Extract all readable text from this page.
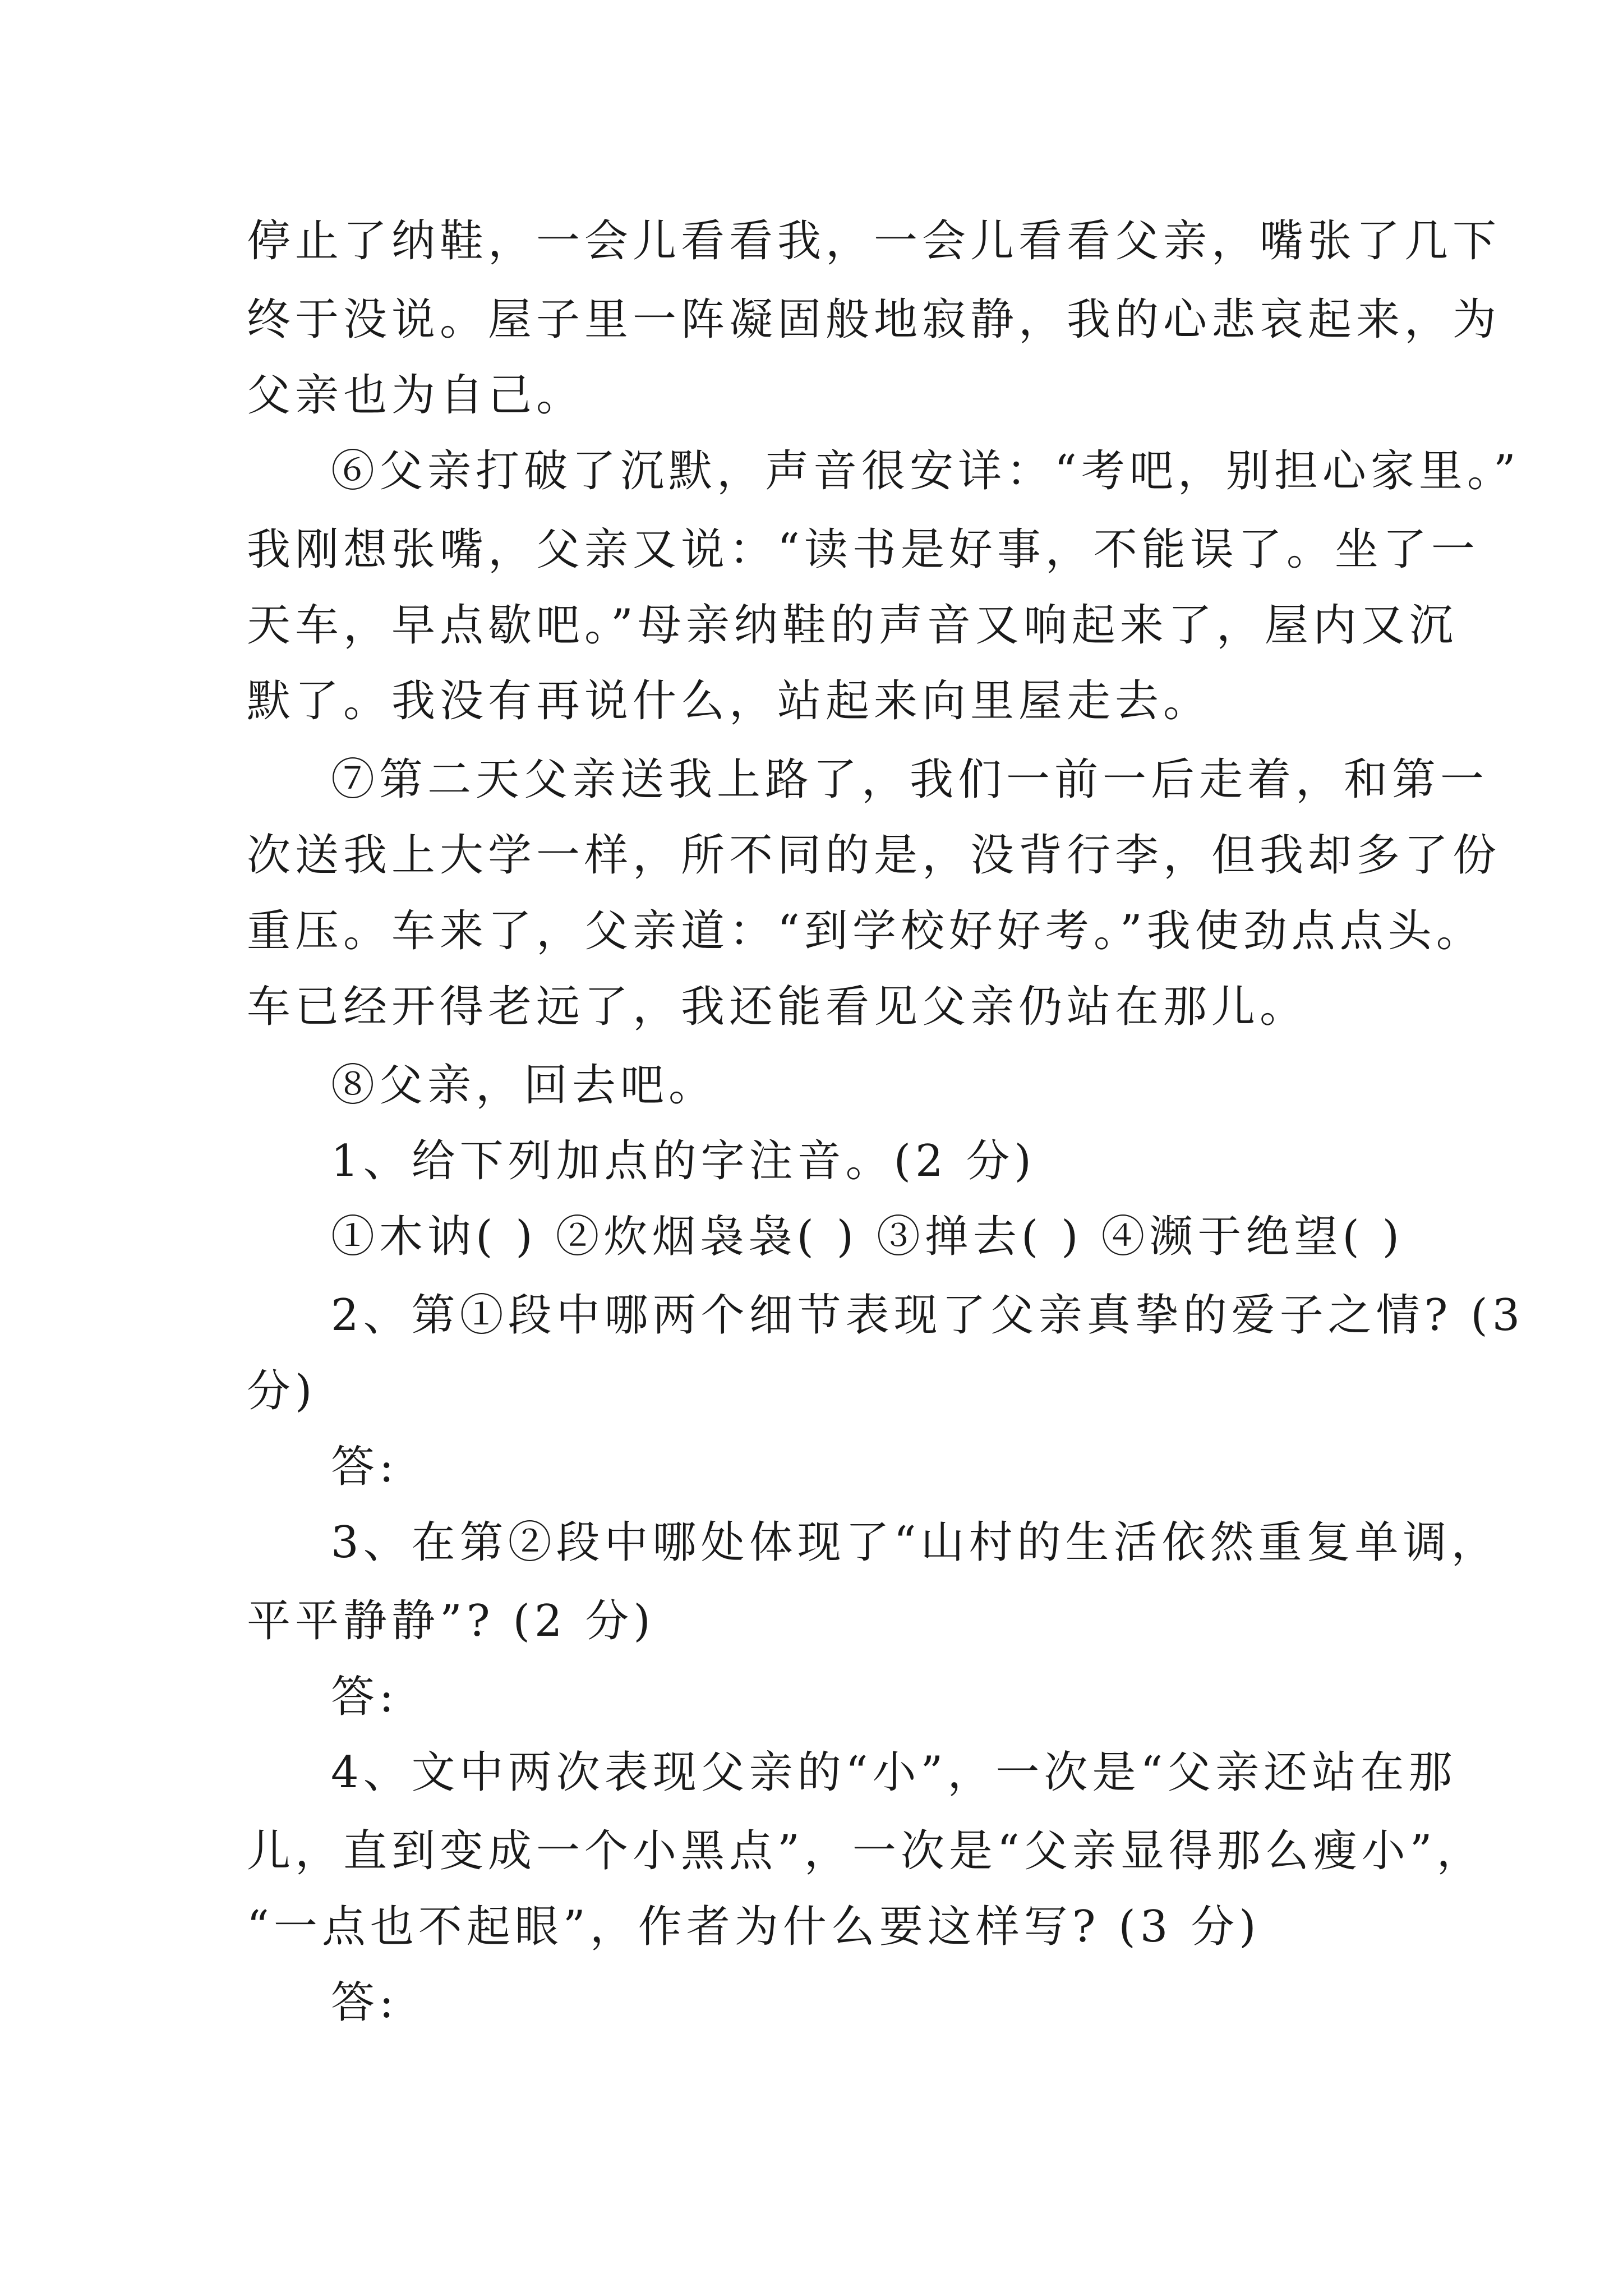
停止了纳鞋，一会儿看看我，一会儿看看父亲，嘴张了几下
终于没说。屋子里一阵凝固般地寂静，我的心悲哀起来，为
父亲也为自己。
⑥父亲打破了沉默，声音很安详：“考吧，别担心家里。”
我刚想张嘴，父亲又说：“读书是好事，不能误了。坐了一
天车，早点歇吧。”母亲纳鞋的声音又响起来了，屋内又沉
默了。我没有再说什么，站起来向里屋走去。
⑦第二天父亲送我上路了，我们一前一后走着，和第一
次送我上大学一样，所不同的是，没背行李，但我却多了份
重压。车来了，父亲道：“到学校好好考。”我使劲点点头。
车已经开得老远了，我还能看见父亲仍站在那儿。
⑧父亲，回去吧。
1、给下列加点的字注音。(2 分)
①木讷( ) ②炊烟袅袅( ) ③掸去( ) ④濒于绝望( )
2、第①段中哪两个细节表现了父亲真挚的爱子之情? (3
分)
答:
3、在第②段中哪处体现了“山村的生活依然重复单调，
平平静静”? (2 分)
答:
4、文中两次表现父亲的“小”，一次是“父亲还站在那
儿，直到变成一个小黑点”，一次是“父亲显得那么瘦小”，
“一点也不起眼”，作者为什么要这样写? (3 分)
答:
